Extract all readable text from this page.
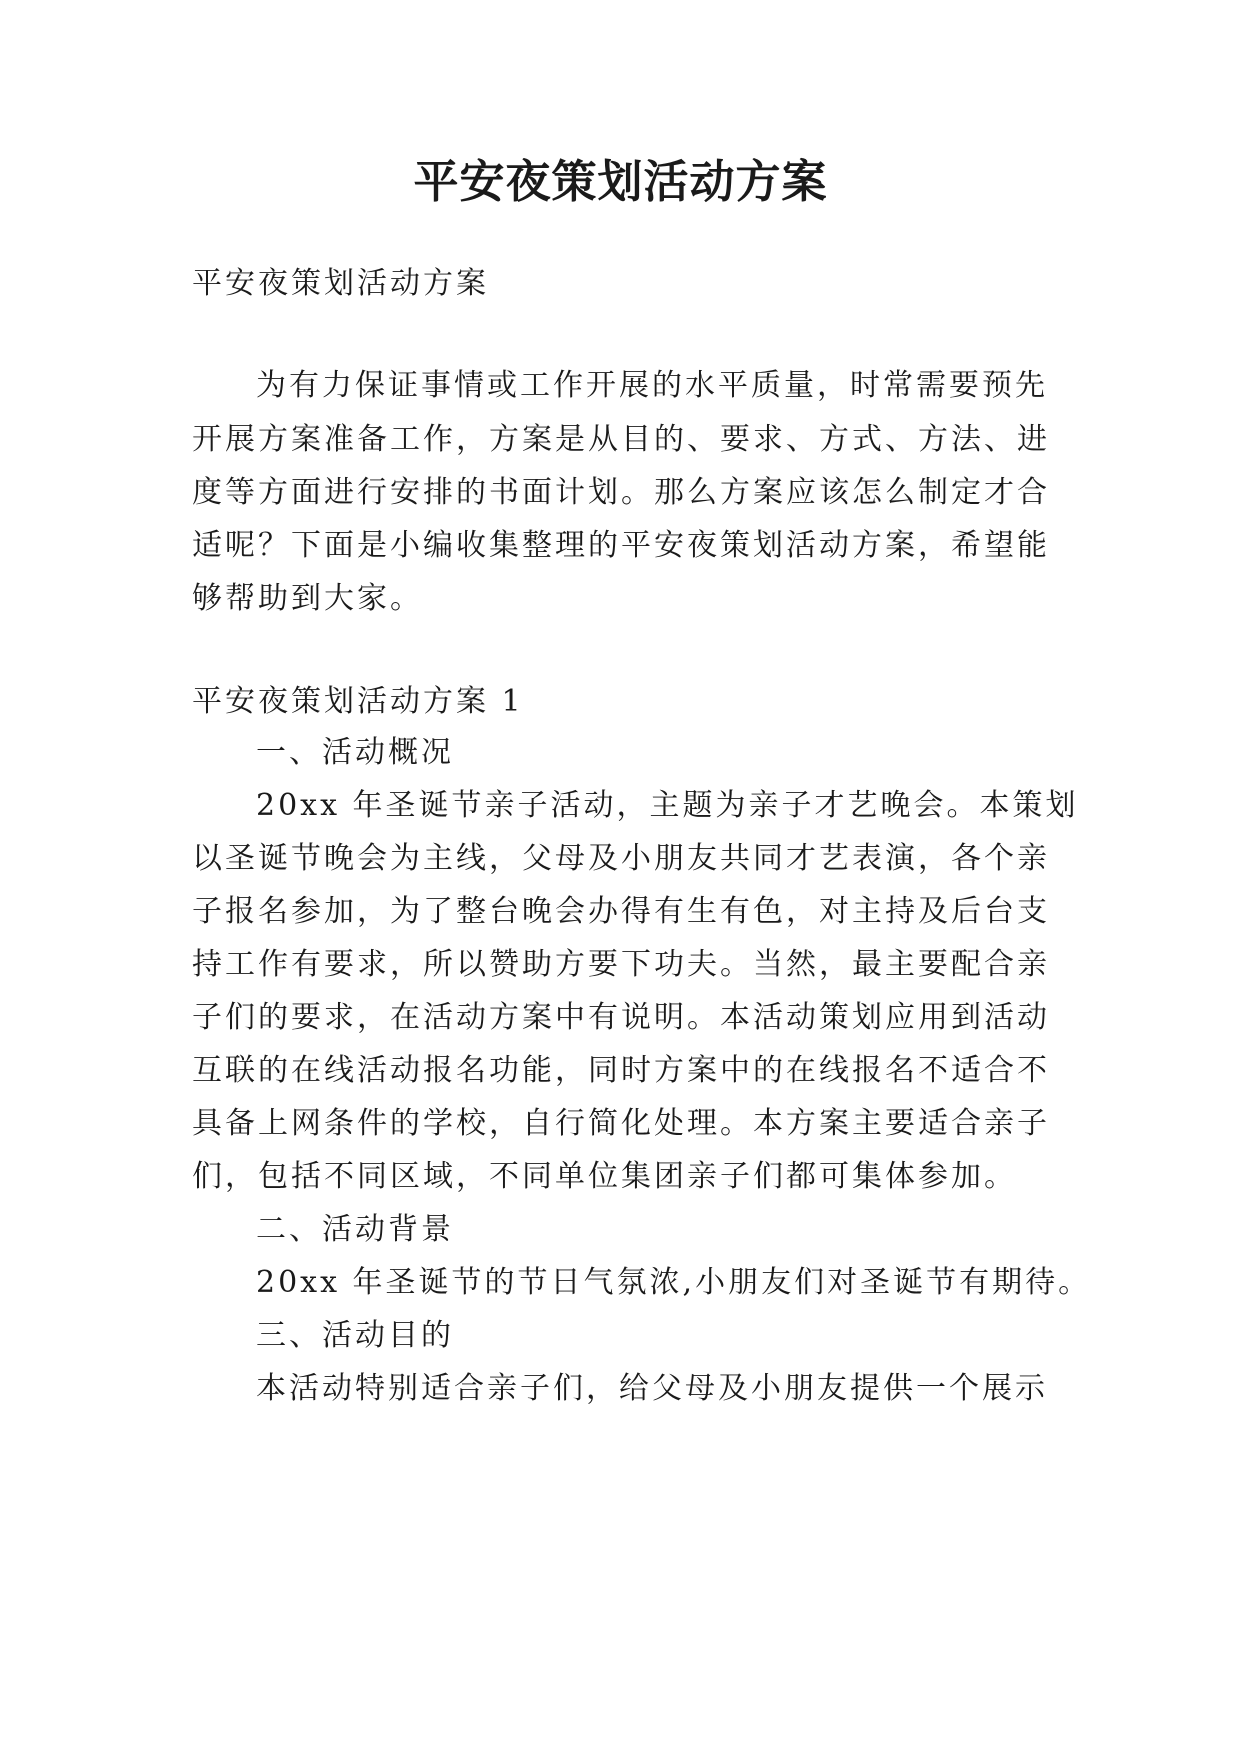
平安夜策划活动方案
平安夜策划活动方案
为有力保证事情或工作开展的水平质量，时常需要预先
开展方案准备工作，方案是从目的、要求、方式、方法、进
度等方面进行安排的书面计划。那么方案应该怎么制定才合
适呢？下面是小编收集整理的平安夜策划活动方案，希望能
够帮助到大家。
平安夜策划活动方案 1
一、活动概况
20xx 年圣诞节亲子活动，主题为亲子才艺晚会。本策划
以圣诞节晚会为主线，父母及小朋友共同才艺表演，各个亲
子报名参加，为了整台晚会办得有生有色，对主持及后台支
持工作有要求，所以赞助方要下功夫。当然，最主要配合亲
子们的要求，在活动方案中有说明。本活动策划应用到活动
互联的在线活动报名功能，同时方案中的在线报名不适合不
具备上网条件的学校，自行简化处理。本方案主要适合亲子
们，包括不同区域，不同单位集团亲子们都可集体参加。
二、活动背景
20xx 年圣诞节的节日气氛浓,小朋友们对圣诞节有期待。
三、活动目的
本活动特别适合亲子们，给父母及小朋友提供一个展示
